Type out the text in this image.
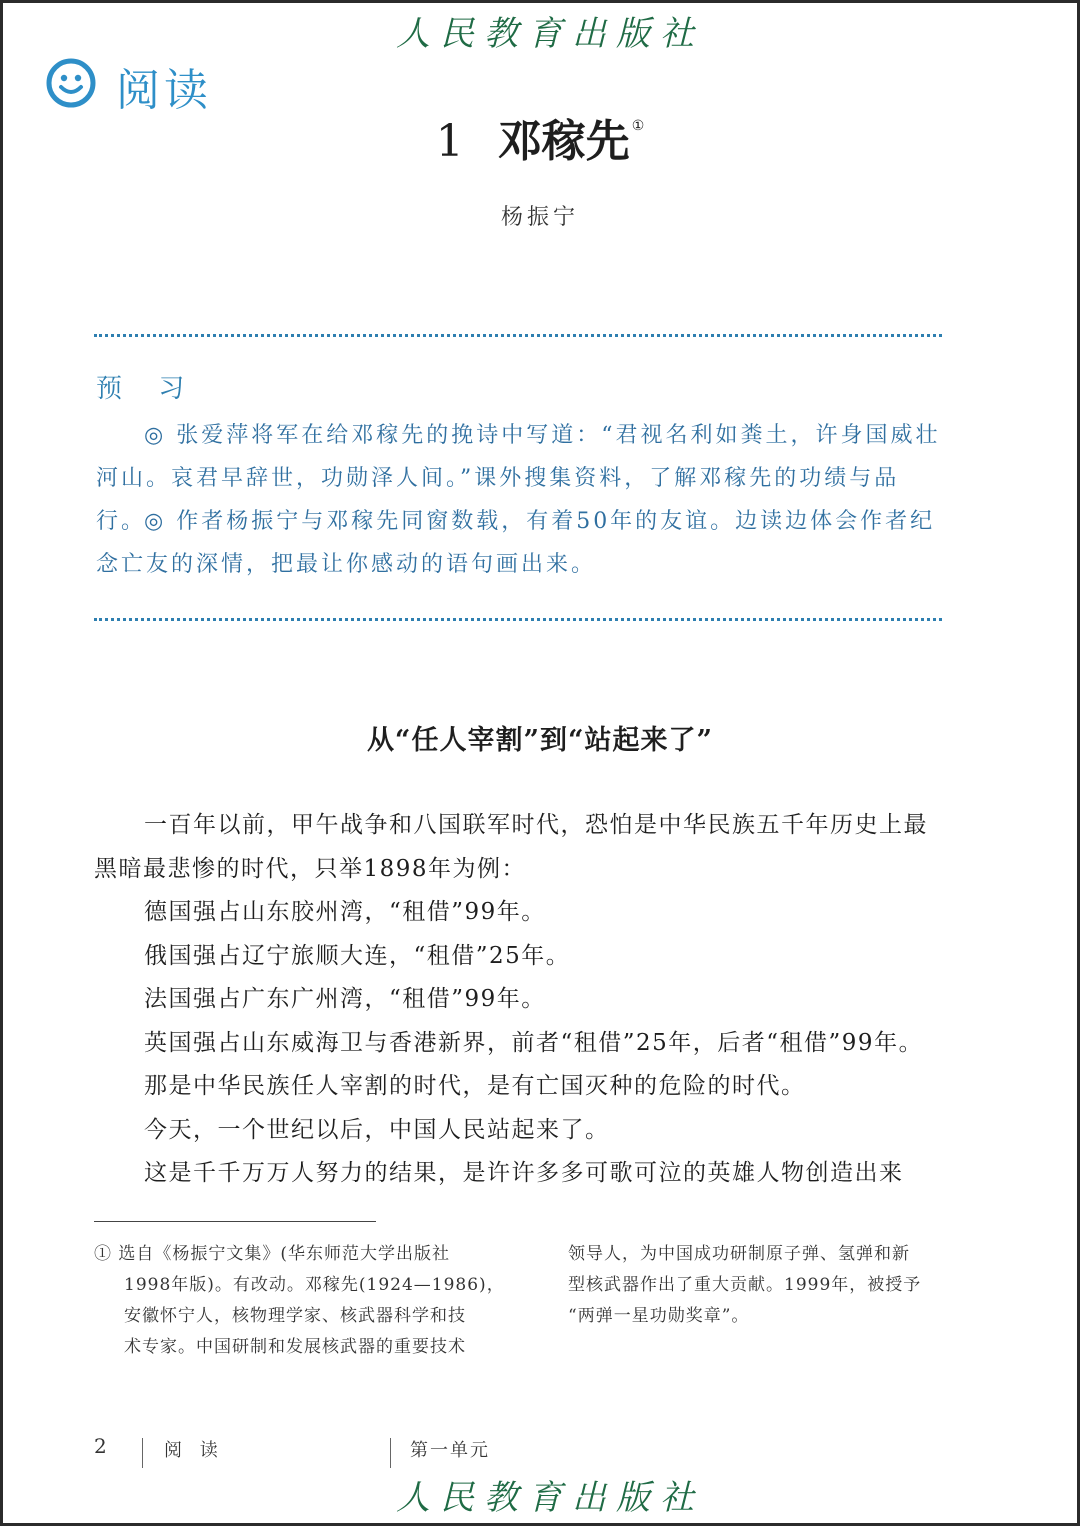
人民教育出版社
阅读
1 邓稼先 ①
杨振宁
预 习
◎ 张爱萍将军在给邓稼先的挽诗中写道：“君视名利如粪土，许身国威壮
河山。哀君早辞世，功勋泽人间。”课外搜集资料，了解邓稼先的功绩与品行。
◎ 作者杨振宁与邓稼先同窗数载，有着50年的友谊。边读边体会作者纪
念亡友的深情，把最让你感动的语句画出来。
从“任人宰割”到“站起来了”
一百年以前，甲午战争和八国联军时代，恐怕是中华民族五千年历史上最
黑暗最悲惨的时代，只举1898年为例：
德国强占山东胶州湾，“租借”99年。
俄国强占辽宁旅顺大连，“租借”25年。
法国强占广东广州湾，“租借”99年。
英国强占山东威海卫与香港新界，前者“租借”25年，后者“租借”99年。
那是中华民族任人宰割的时代，是有亡国灭种的危险的时代。
今天，一个世纪以后，中国人民站起来了。
这是千千万万人努力的结果，是许许多多可歌可泣的英雄人物创造出来
① 选自《杨振宁文集》(华东师范大学出版社
1998年版)。有改动。邓稼先(1924—1986)，
安徽怀宁人，核物理学家、核武器科学和技
术专家。中国研制和发展核武器的重要技术
领导人，为中国成功研制原子弹、氢弹和新
型核武器作出了重大贡献。1999年，被授予
“两弹一星功勋奖章”。
2	阅 读	第一单元
人民教育出版社
